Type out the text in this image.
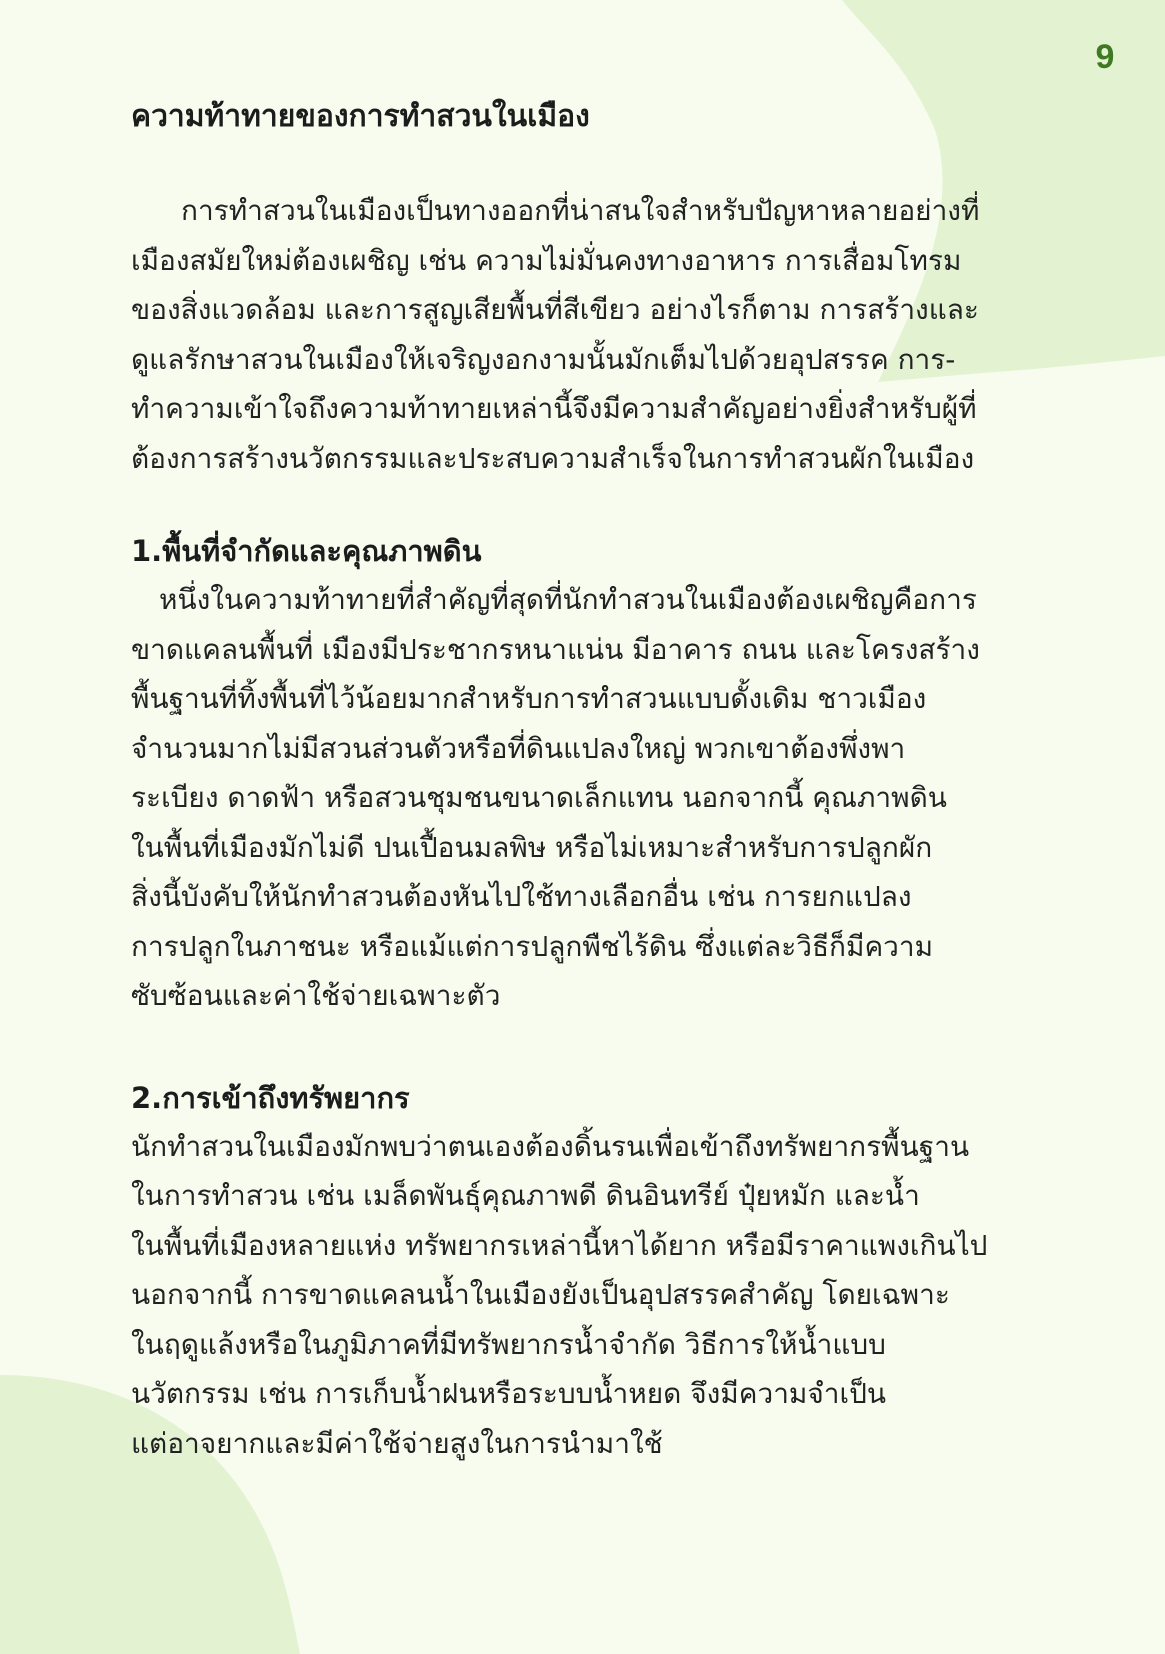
9
ความท้าทายของการทำสวนในเมือง
การทำสวนในเมืองเป็นทางออกที่น่าสนใจสำหรับปัญหาหลายอย่างที่
เมืองสมัยใหม่ต้องเผชิญ เช่น ความไม่มั่นคงทางอาหาร การเสื่อมโทรม
ของสิ่งแวดล้อม และการสูญเสียพื้นที่สีเขียว อย่างไรก็ตาม การสร้างและ
ดูแลรักษาสวนในเมืองให้เจริญงอกงามนั้นมักเต็มไปด้วยอุปสรรค การ-
ทำความเข้าใจถึงความท้าทายเหล่านี้จึงมีความสำคัญอย่างยิ่งสำหรับผู้ที่
ต้องการสร้างนวัตกรรมและประสบความสำเร็จในการทำสวนผักในเมือง
1.พื้นที่จำกัดและคุณภาพดิน
หนึ่งในความท้าทายที่สำคัญที่สุดที่นักทำสวนในเมืองต้องเผชิญคือการ
ขาดแคลนพื้นที่ เมืองมีประชากรหนาแน่น มีอาคาร ถนน และโครงสร้าง
พื้นฐานที่ทิ้งพื้นที่ไว้น้อยมากสำหรับการทำสวนแบบดั้งเดิม ชาวเมือง
จำนวนมากไม่มีสวนส่วนตัวหรือที่ดินแปลงใหญ่ พวกเขาต้องพึ่งพา
ระเบียง ดาดฟ้า หรือสวนชุมชนขนาดเล็กแทน นอกจากนี้ คุณภาพดิน
ในพื้นที่เมืองมักไม่ดี ปนเปื้อนมลพิษ หรือไม่เหมาะสำหรับการปลูกผัก
สิ่งนี้บังคับให้นักทำสวนต้องหันไปใช้ทางเลือกอื่น เช่น การยกแปลง
การปลูกในภาชนะ หรือแม้แต่การปลูกพืชไร้ดิน ซึ่งแต่ละวิธีก็มีความ
ซับซ้อนและค่าใช้จ่ายเฉพาะตัว
2.การเข้าถึงทรัพยากร
นักทำสวนในเมืองมักพบว่าตนเองต้องดิ้นรนเพื่อเข้าถึงทรัพยากรพื้นฐาน
ในการทำสวน เช่น เมล็ดพันธุ์คุณภาพดี ดินอินทรีย์ ปุ๋ยหมัก และน้ำ
ในพื้นที่เมืองหลายแห่ง ทรัพยากรเหล่านี้หาได้ยาก หรือมีราคาแพงเกินไป
นอกจากนี้ การขาดแคลนน้ำในเมืองยังเป็นอุปสรรคสำคัญ โดยเฉพาะ
ในฤดูแล้งหรือในภูมิภาคที่มีทรัพยากรน้ำจำกัด วิธีการให้น้ำแบบ
นวัตกรรม เช่น การเก็บน้ำฝนหรือระบบน้ำหยด จึงมีความจำเป็น
แต่อาจยากและมีค่าใช้จ่ายสูงในการนำมาใช้
